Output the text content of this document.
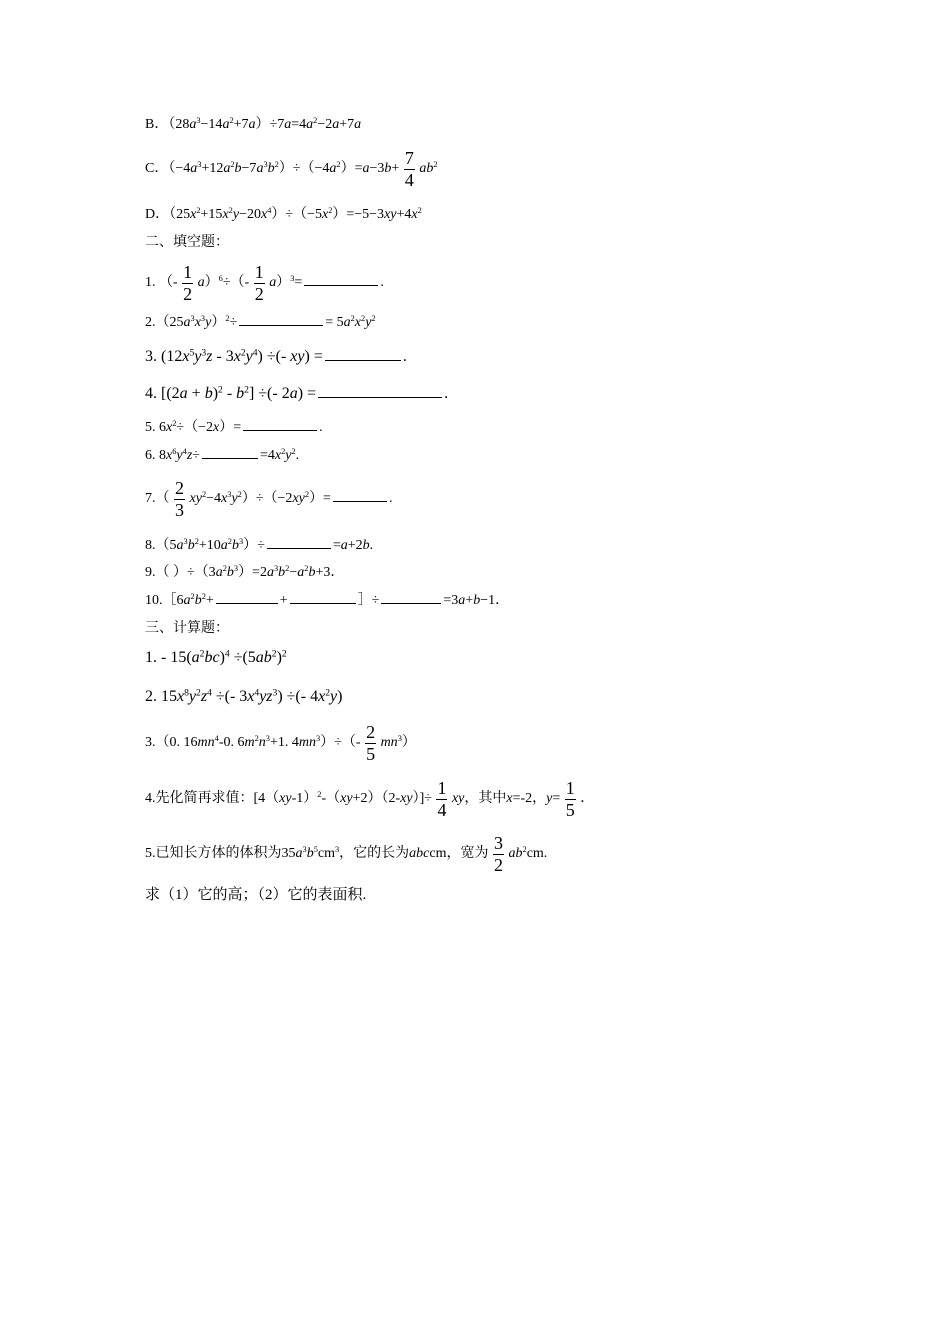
B．$(28a^3-14a^2+7a)\div 7a=4a^2-2a+7a$
C．$(-4a^3+12a^2b-7a^3b^2)\div(-4a^2)=a-3b+ \frac{7}{4} ab^2$
D．$(25x^2+15x^2y-20x^4)\div(-5x^2)=-5-3xy+4x^2$
二、填空题：
1. （- $\frac{1}{2} a)^6\div(- \frac{1}{2} a)^3=$	.
$2.(25a^3x^3y)^2\div$	= $5a^2x^2y^2$
3. $(12x^5y^3z - 3x^2y^4)$ ÷(- xy) =	.
4. $[(2a + b)^2 - b^2]$ ÷(- 2a) =	.
5. $6x^2\div(-2x)=$	.
6. $8x^6y^4z\div$	$=4x^2y^2$.
$7.( \frac{2}{3} xy^2-4x^3y^2)\div(-2xy^2)=$	.
$8.(5a^3b^2+10a^2b^3)\div$	=a+2b.
9.（ ）$\div(3a^2b^3)=2a^3b^2-a^2b+3$．
$10.[6a^2b^2+$	+	］÷	=3a+b−1．
三、计算题：
1. - $15(a^2bc)^4 \div(5ab^2)^2$
2. $15x^8y^2z^4$ ÷(- $3x^4yz^3$) ÷(- $4x^2y$)
3.（0. $16mn^4-0$. $6m^2n^3+1$. $4mn^3)\div(- \frac{2}{5} mn^3)$
4.先化简再求值：$[4(xy-1)^2-(xy+2)(2-xy)]\div \frac{1}{4}$ xy，其中x=-2，$y= \frac{1}{5}$ ．
5.已知长方体的体积为$35a^3b^5cm^3$，它的长为abccm，宽为 $\frac{3}{2} ab^2cm$.
求（1）它的高；（2）它的表面积.
